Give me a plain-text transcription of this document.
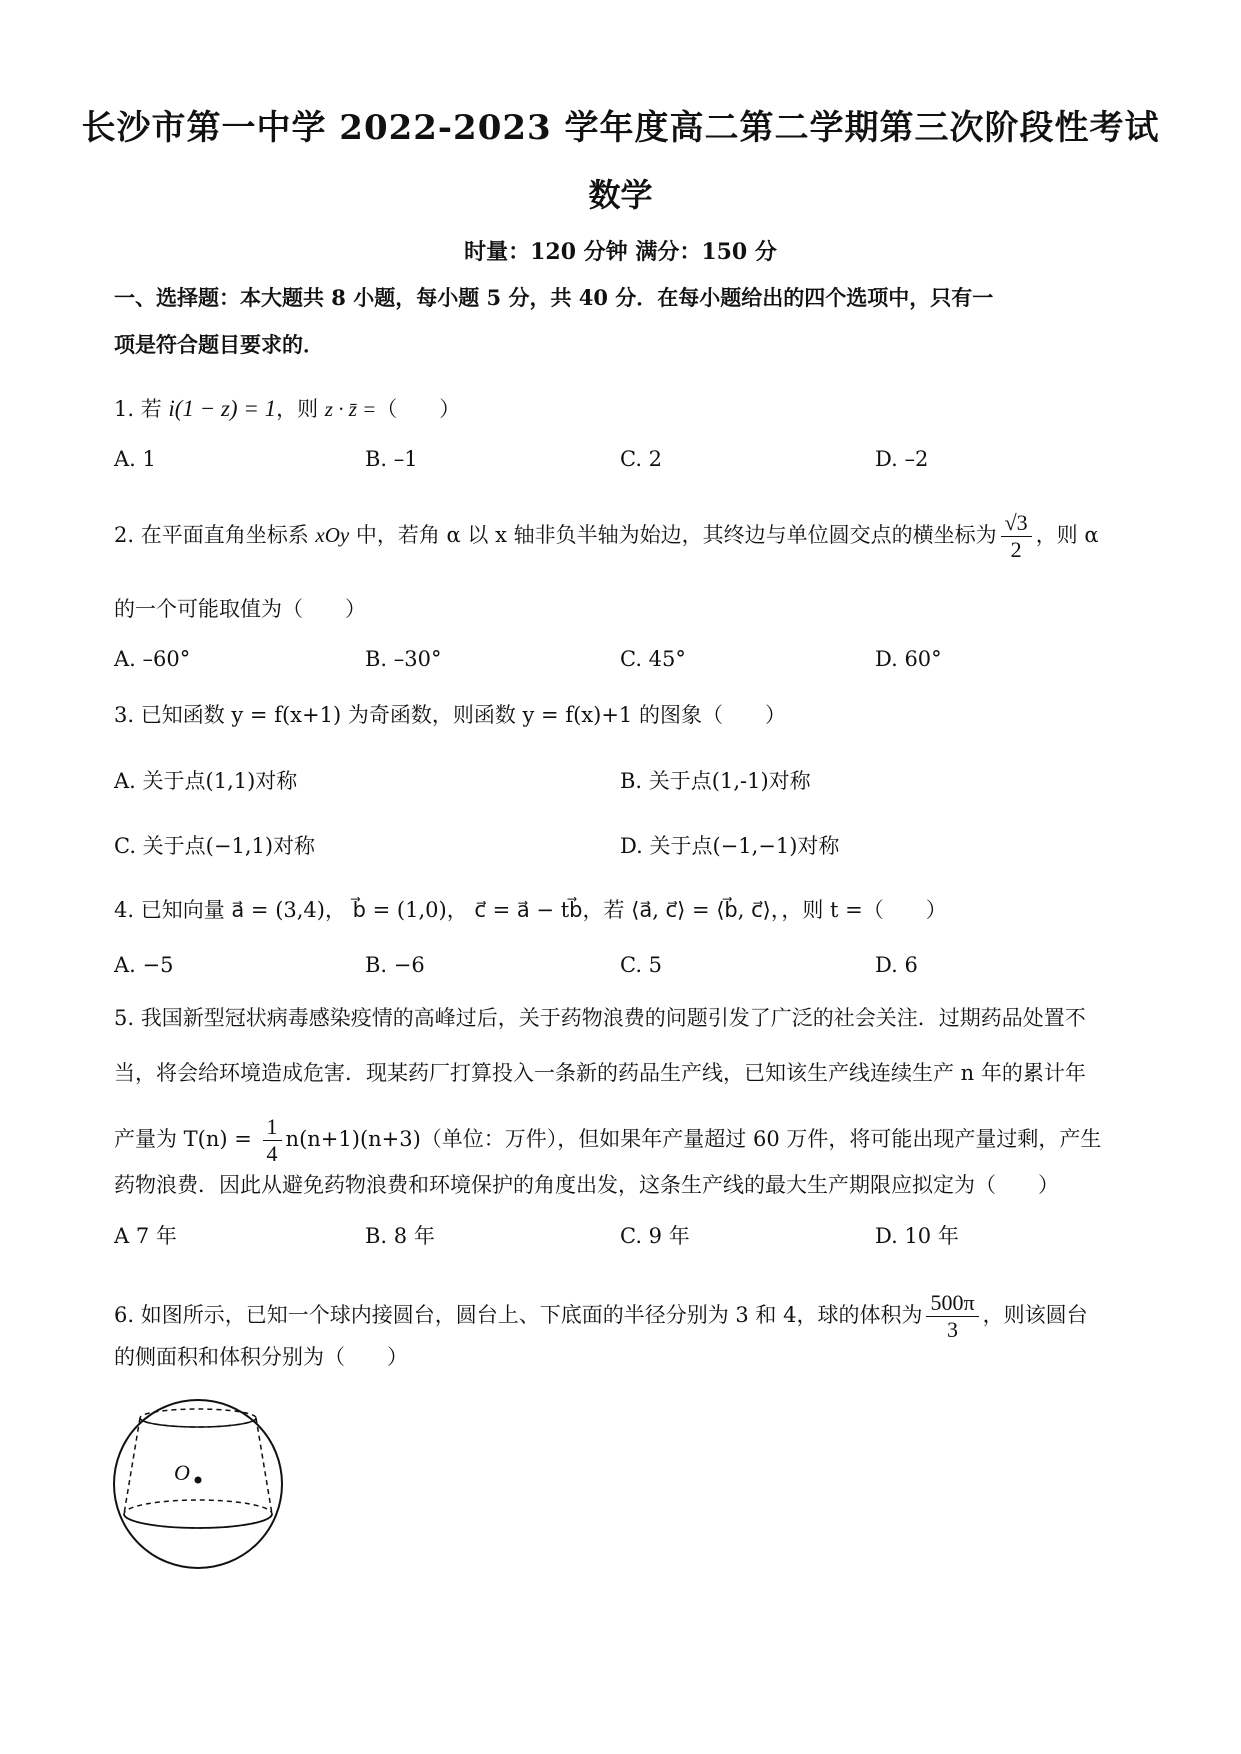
长沙市第一中学 2022-2023 学年度高二第二学期第三次阶段性考试
数学
时量：120 分钟 满分：150 分
一、选择题：本大题共 8 小题，每小题 5 分，共 40 分．在每小题给出的四个选项中，只有一
项是符合题目要求的．
1. 若 i(1 − z) = 1，则 z · z̄ =（　　）
A. 1	B. –1	C. 2	D. –2
2. 在平面直角坐标系 xOy 中，若角 α 以 x 轴非负半轴为始边，其终边与单位圆交点的横坐标为 $\frac{√3}{2}$ ，则 α
的一个可能取值为（　　）
A. –60°	B. –30°	C. 45°	D. 60°
3. 已知函数 y = f(x+1) 为奇函数，则函数 y = f(x)+1 的图象（　　）
A. 关于点(1,1)对称	B. 关于点(1,‑1)对称
C. 关于点(−1,1)对称	D. 关于点(−1,−1)对称
4. 已知向量 a⃗ = (3,4)， b⃗ = (1,0)， c⃗ = a⃗ − tb⃗，若 ⟨a⃗, c⃗⟩ = ⟨b⃗, c⃗⟩，，则 t =（　　）
A. −5	B. −6	C. 5	D. 6
5. 我国新型冠状病毒感染疫情的高峰过后，关于药物浪费的问题引发了广泛的社会关注．过期药品处置不
当，将会给环境造成危害．现某药厂打算投入一条新的药品生产线，已知该生产线连续生产 n 年的累计年
产量为 $T(n) = \frac{1}{4} n(n+1)(n+3)$（单位：万件），但如果年产量超过 60 万件，将可能出现产量过剩，产生
药物浪费．因此从避免药物浪费和环境保护的角度出发，这条生产线的最大生产期限应拟定为（　　）
A 7 年	B. 8 年	C. 9 年	D. 10 年
6. 如图所示，已知一个球内接圆台，圆台上、下底面的半径分别为 3 和 4，球的体积为 $\frac{500\pi}{3}$ ，则该圆台
的侧面积和体积分别为（　　）
O
